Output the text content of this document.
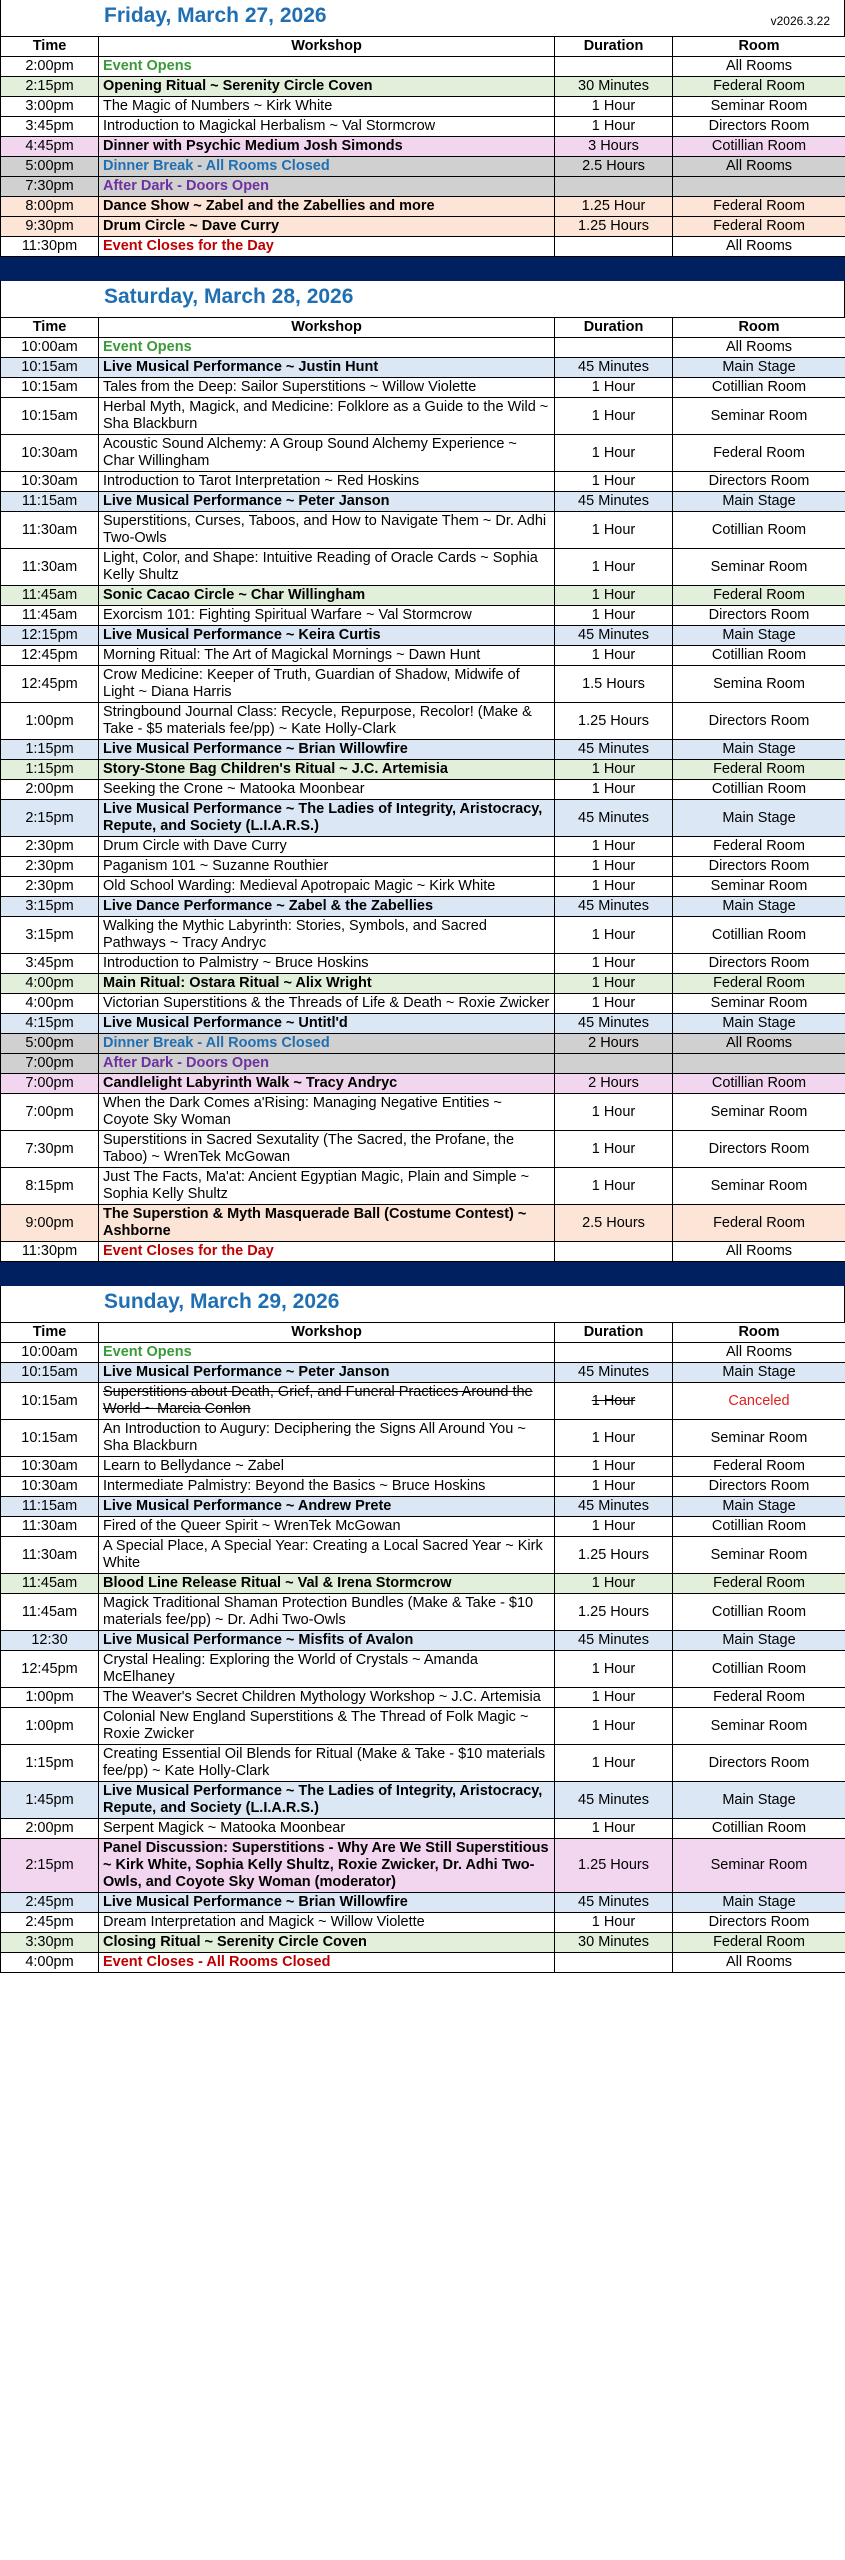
Friday, March 27, 2026	v2026.3.22
Time	Workshop	Duration	Room
2:00pm	Event Opens		All Rooms
2:15pm	Opening Ritual ~ Serenity Circle Coven	30 Minutes	Federal Room
3:00pm	The Magic of Numbers ~ Kirk White	1 Hour	Seminar Room
3:45pm	Introduction to Magickal Herbalism ~ Val Stormcrow	1 Hour	Directors Room
4:45pm	Dinner with Psychic Medium Josh Simonds	3 Hours	Cotillian Room
5:00pm	Dinner Break - All Rooms Closed	2.5 Hours	All Rooms
7:30pm	After Dark - Doors Open		
8:00pm	Dance Show ~ Zabel and the Zabellies and more	1.25 Hour	Federal Room
9:30pm	Drum Circle ~ Dave Curry	1.25 Hours	Federal Room
11:30pm	Event Closes for the Day		All Rooms
Saturday, March 28, 2026
Time	Workshop	Duration	Room
10:00am	Event Opens		All Rooms
10:15am	Live Musical Performance ~ Justin Hunt	45 Minutes	Main Stage
10:15am	Tales from the Deep: Sailor Superstitions ~ Willow Violette	1 Hour	Cotillian Room
10:15am	Herbal Myth, Magick, and Medicine: Folklore as a Guide to the Wild ~ Sha Blackburn	1 Hour	Seminar Room
10:30am	Acoustic Sound Alchemy: A Group Sound Alchemy Experience ~ Char Willingham	1 Hour	Federal Room
10:30am	Introduction to Tarot Interpretation ~ Red Hoskins	1 Hour	Directors Room
11:15am	Live Musical Performance ~ Peter Janson	45 Minutes	Main Stage
11:30am	Superstitions, Curses, Taboos, and How to Navigate Them ~ Dr. Adhi Two-Owls	1 Hour	Cotillian Room
11:30am	Light, Color, and Shape: Intuitive Reading of Oracle Cards ~ Sophia Kelly Shultz	1 Hour	Seminar Room
11:45am	Sonic Cacao Circle ~ Char Willingham	1 Hour	Federal Room
11:45am	Exorcism 101: Fighting Spiritual Warfare ~ Val Stormcrow	1 Hour	Directors Room
12:15pm	Live Musical Performance ~ Keira Curtis	45 Minutes	Main Stage
12:45pm	Morning Ritual: The Art of Magickal Mornings ~ Dawn Hunt	1 Hour	Cotillian Room
12:45pm	Crow Medicine: Keeper of Truth, Guardian of Shadow, Midwife of Light ~ Diana Harris	1.5 Hours	Semina Room
1:00pm	Stringbound Journal Class: Recycle, Repurpose, Recolor! (Make & Take - $5 materials fee/pp) ~ Kate Holly-Clark	1.25 Hours	Directors Room
1:15pm	Live Musical Performance ~ Brian Willowfire	45 Minutes	Main Stage
1:15pm	Story-Stone Bag Children's Ritual ~ J.C. Artemisia	1 Hour	Federal Room
2:00pm	Seeking the Crone ~ Matooka Moonbear	1 Hour	Cotillian Room
2:15pm	Live Musical Performance ~ The Ladies of Integrity, Aristocracy, Repute, and Society (L.I.A.R.S.)	45 Minutes	Main Stage
2:30pm	Drum Circle with Dave Curry	1 Hour	Federal Room
2:30pm	Paganism 101 ~ Suzanne Routhier	1 Hour	Directors Room
2:30pm	Old School Warding: Medieval Apotropaic Magic ~ Kirk White	1 Hour	Seminar Room
3:15pm	Live Dance Performance ~ Zabel & the Zabellies	45 Minutes	Main Stage
3:15pm	Walking the Mythic Labyrinth: Stories, Symbols, and Sacred Pathways ~ Tracy Andryc	1 Hour	Cotillian Room
3:45pm	Introduction to Palmistry ~ Bruce Hoskins	1 Hour	Directors Room
4:00pm	Main Ritual: Ostara Ritual ~ Alix Wright	1 Hour	Federal Room
4:00pm	Victorian Superstitions & the Threads of Life & Death ~ Roxie Zwicker	1 Hour	Seminar Room
4:15pm	Live Musical Performance ~ Untitl'd	45 Minutes	Main Stage
5:00pm	Dinner Break - All Rooms Closed	2 Hours	All Rooms
7:00pm	After Dark - Doors Open		
7:00pm	Candlelight Labyrinth Walk ~ Tracy Andryc	2 Hours	Cotillian Room
7:00pm	When the Dark Comes a'Rising: Managing Negative Entities ~ Coyote Sky Woman	1 Hour	Seminar Room
7:30pm	Superstitions in Sacred Sexutality (The Sacred, the Profane, the Taboo) ~ WrenTek McGowan	1 Hour	Directors Room
8:15pm	Just The Facts, Ma'at: Ancient Egyptian Magic, Plain and Simple ~ Sophia Kelly Shultz	1 Hour	Seminar Room
9:00pm	The Superstion & Myth Masquerade Ball (Costume Contest) ~ Ashborne	2.5 Hours	Federal Room
11:30pm	Event Closes for the Day		All Rooms
Sunday, March 29, 2026
Time	Workshop	Duration	Room
10:00am	Event Opens		All Rooms
10:15am	Live Musical Performance ~ Peter Janson	45 Minutes	Main Stage
10:15am	Superstitions about Death, Grief, and Funeral Practices Around the World ~ Marcia Conlon	1 Hour	Canceled
10:15am	An Introduction to Augury: Deciphering the Signs All Around You ~ Sha Blackburn	1 Hour	Seminar Room
10:30am	Learn to Bellydance ~ Zabel	1 Hour	Federal Room
10:30am	Intermediate Palmistry: Beyond the Basics ~ Bruce Hoskins	1 Hour	Directors Room
11:15am	Live Musical Performance ~ Andrew Prete	45 Minutes	Main Stage
11:30am	Fired of the Queer Spirit ~ WrenTek McGowan	1 Hour	Cotillian Room
11:30am	A Special Place, A Special Year: Creating a Local Sacred Year ~ Kirk White	1.25 Hours	Seminar Room
11:45am	Blood Line Release Ritual ~ Val & Irena Stormcrow	1 Hour	Federal Room
11:45am	Magick Traditional Shaman Protection Bundles (Make & Take - $10 materials fee/pp) ~ Dr. Adhi Two-Owls	1.25 Hours	Cotillian Room
12:30	Live Musical Performance ~ Misfits of Avalon	45 Minutes	Main Stage
12:45pm	Crystal Healing: Exploring the World of Crystals ~ Amanda McElhaney	1 Hour	Cotillian Room
1:00pm	The Weaver's Secret Children Mythology Workshop ~ J.C. Artemisia	1 Hour	Federal Room
1:00pm	Colonial New England Superstitions & The Thread of Folk Magic ~ Roxie Zwicker	1 Hour	Seminar Room
1:15pm	Creating Essential Oil Blends for Ritual (Make & Take - $10 materials fee/pp) ~ Kate Holly-Clark	1 Hour	Directors Room
1:45pm	Live Musical Performance ~ The Ladies of Integrity, Aristocracy, Repute, and Society (L.I.A.R.S.)	45 Minutes	Main Stage
2:00pm	Serpent Magick ~ Matooka Moonbear	1 Hour	Cotillian Room
2:15pm	Panel Discussion: Superstitions - Why Are We Still Superstitious ~ Kirk White, Sophia Kelly Shultz, Roxie Zwicker, Dr. Adhi Two-Owls, and Coyote Sky Woman (moderator)	1.25 Hours	Seminar Room
2:45pm	Live Musical Performance ~ Brian Willowfire	45 Minutes	Main Stage
2:45pm	Dream Interpretation and Magick ~ Willow Violette	1 Hour	Directors Room
3:30pm	Closing Ritual ~ Serenity Circle Coven	30 Minutes	Federal Room
4:00pm	Event Closes - All Rooms Closed		All Rooms
